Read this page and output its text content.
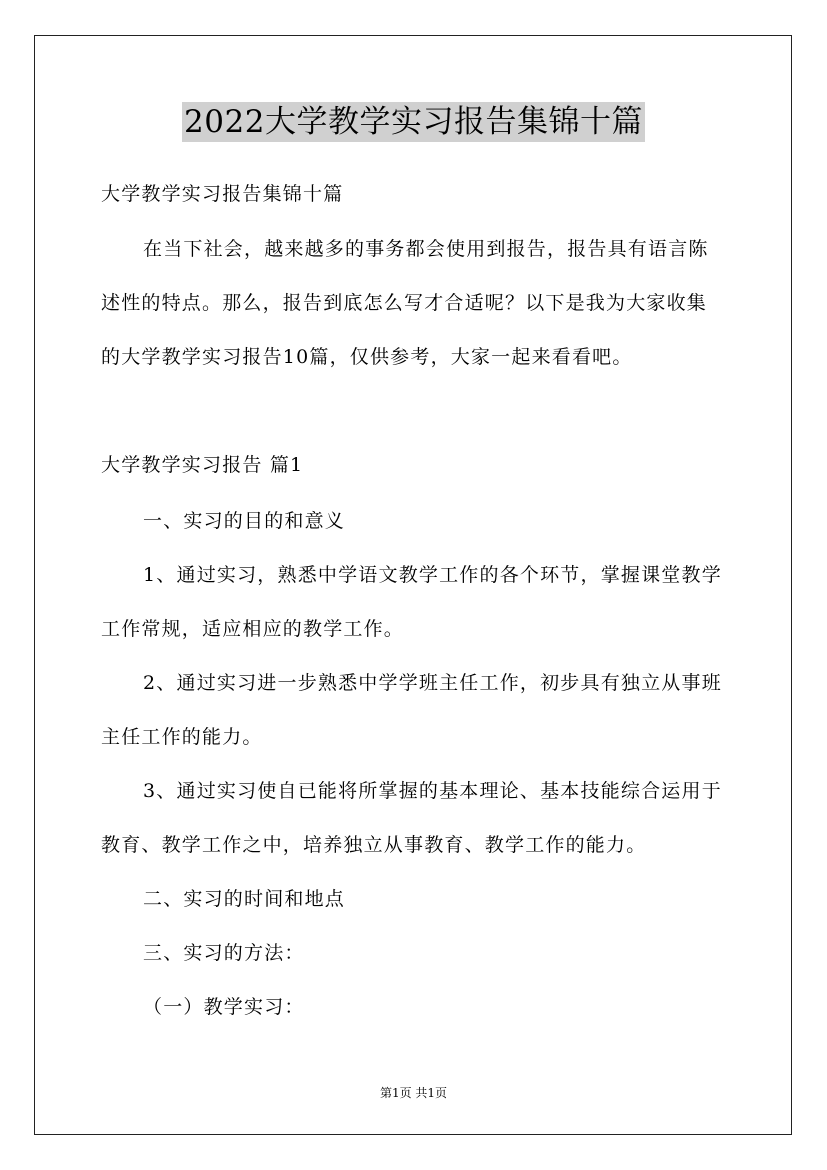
2022大学教学实习报告集锦十篇
大学教学实习报告集锦十篇
在当下社会，越来越多的事务都会使用到报告，报告具有语言陈
述性的特点。那么，报告到底怎么写才合适呢？以下是我为大家收集
的大学教学实习报告10篇，仅供参考，大家一起来看看吧。
大学教学实习报告 篇1
一、实习的目的和意义
1、通过实习，熟悉中学语文教学工作的各个环节，掌握课堂教学
工作常规，适应相应的教学工作。
2、通过实习进一步熟悉中学学班主任工作，初步具有独立从事班
主任工作的能力。
3、通过实习使自已能将所掌握的基本理论、基本技能综合运用于
教育、教学工作之中，培养独立从事教育、教学工作的能力。
二、实习的时间和地点
三、实习的方法：
（一）教学实习：
第1页 共1页
